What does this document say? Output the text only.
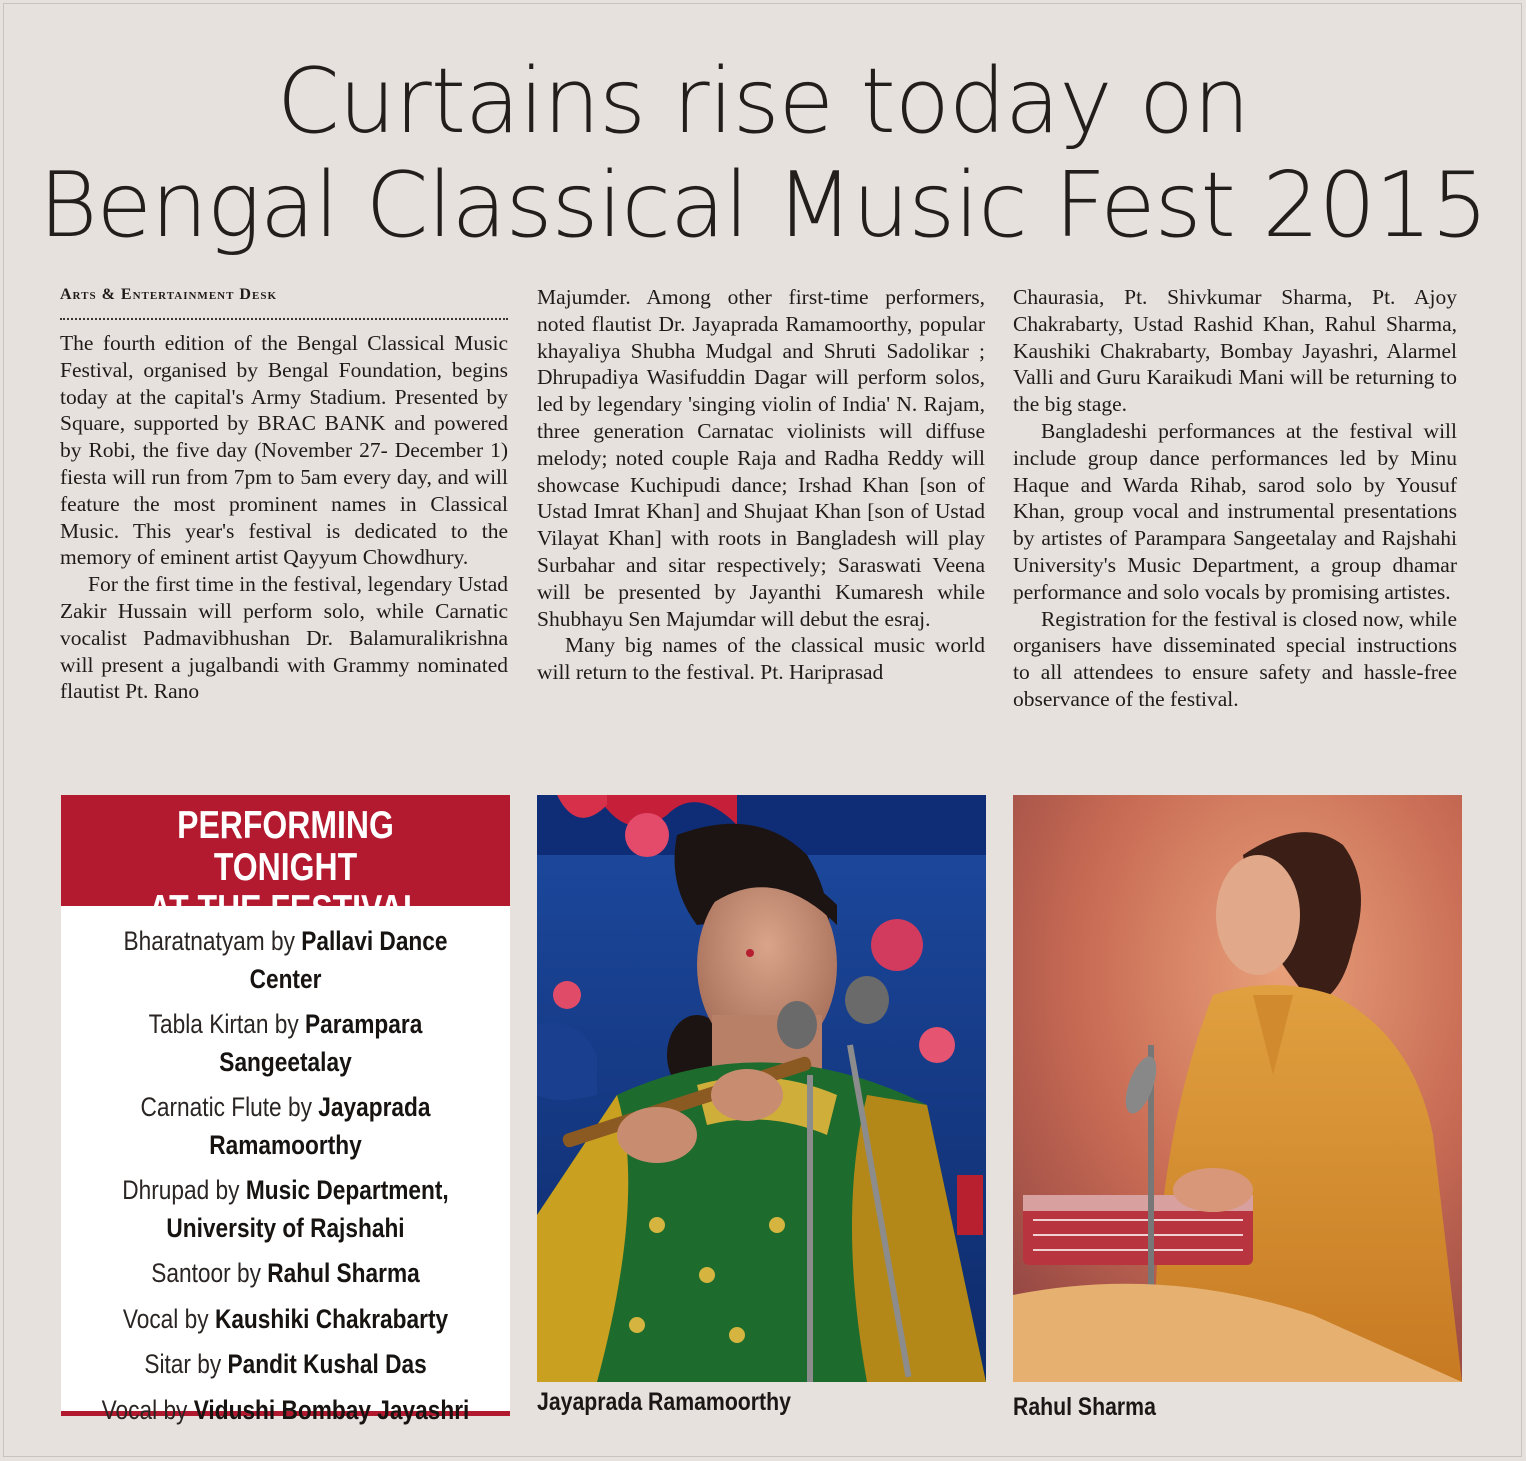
Curtains rise today on
Bengal Classical Music Fest 2015
Arts & Entertainment Desk

The fourth edition of the Bengal Classical Music Festival, organised by Bengal Foundation, begins today at the capital's Army Stadium. Presented by Square, supported by BRAC BANK and powered by Robi, the five day (November 27- December 1) fiesta will run from 7pm to 5am every day, and will feature the most prominent names in Classical Music. This year's festival is dedicated to the memory of eminent artist Qayyum Chowdhury.

For the first time in the festival, legendary Ustad Zakir Hussain will perform solo, while Carnatic vocalist Padmavibhushan Dr. Balamuralikrishna will present a jugalbandi with Grammy nominated flautist Pt. Rano

Majumder. Among other first-time performers, noted flautist Dr. Jayaprada Ramamoorthy, popular khayaliya Shubha Mudgal and Shruti Sadolikar ; Dhrupadiya Wasifuddin Dagar will perform solos, led by legendary 'singing violin of India' N. Rajam, three generation Carnatac violinists will diffuse melody; noted couple Raja and Radha Reddy will showcase Kuchipudi dance; Irshad Khan [son of Ustad Imrat Khan] and Shujaat Khan [son of Ustad Vilayat Khan] with roots in Bangladesh will play Surbahar and sitar respectively; Saraswati Veena will be presented by Jayanthi Kumaresh while Shubhayu Sen Majumdar will debut the esraj.

Many big names of the classical music world will return to the festival. Pt. Hariprasad

Chaurasia, Pt. Shivkumar Sharma, Pt. Ajoy Chakrabarty, Ustad Rashid Khan, Rahul Sharma, Kaushiki Chakrabarty, Bombay Jayashri, Alarmel Valli and Guru Karaikudi Mani will be returning to the big stage.

Bangladeshi performances at the festival will include group dance performances led by Minu Haque and Warda Rihab, sarod solo by Yousuf Khan, group vocal and instrumental presentations by artistes of Parampara Sangeetalay and Rajshahi University's Music Department, a group dhamar performance and solo vocals by promising artistes.

Registration for the festival is closed now, while organisers have disseminated special instructions to all attendees to ensure safety and hassle-free observance of the festival.

PERFORMING TONIGHT
AT THE FESTIVAL
Bharatnatyam by Pallavi Dance Center
Tabla Kirtan by Parampara
Sangeetalay
Carnatic Flute by Jayaprada
Ramamoorthy
Dhrupad by Music Department,
University of Rajshahi
Santoor by Rahul Sharma
Vocal by Kaushiki Chakrabarty
Sitar by Pandit Kushal Das
Vocal by Vidushi Bombay Jayashri	Jayaprada Ramamoorthy	Rahul Sharma
